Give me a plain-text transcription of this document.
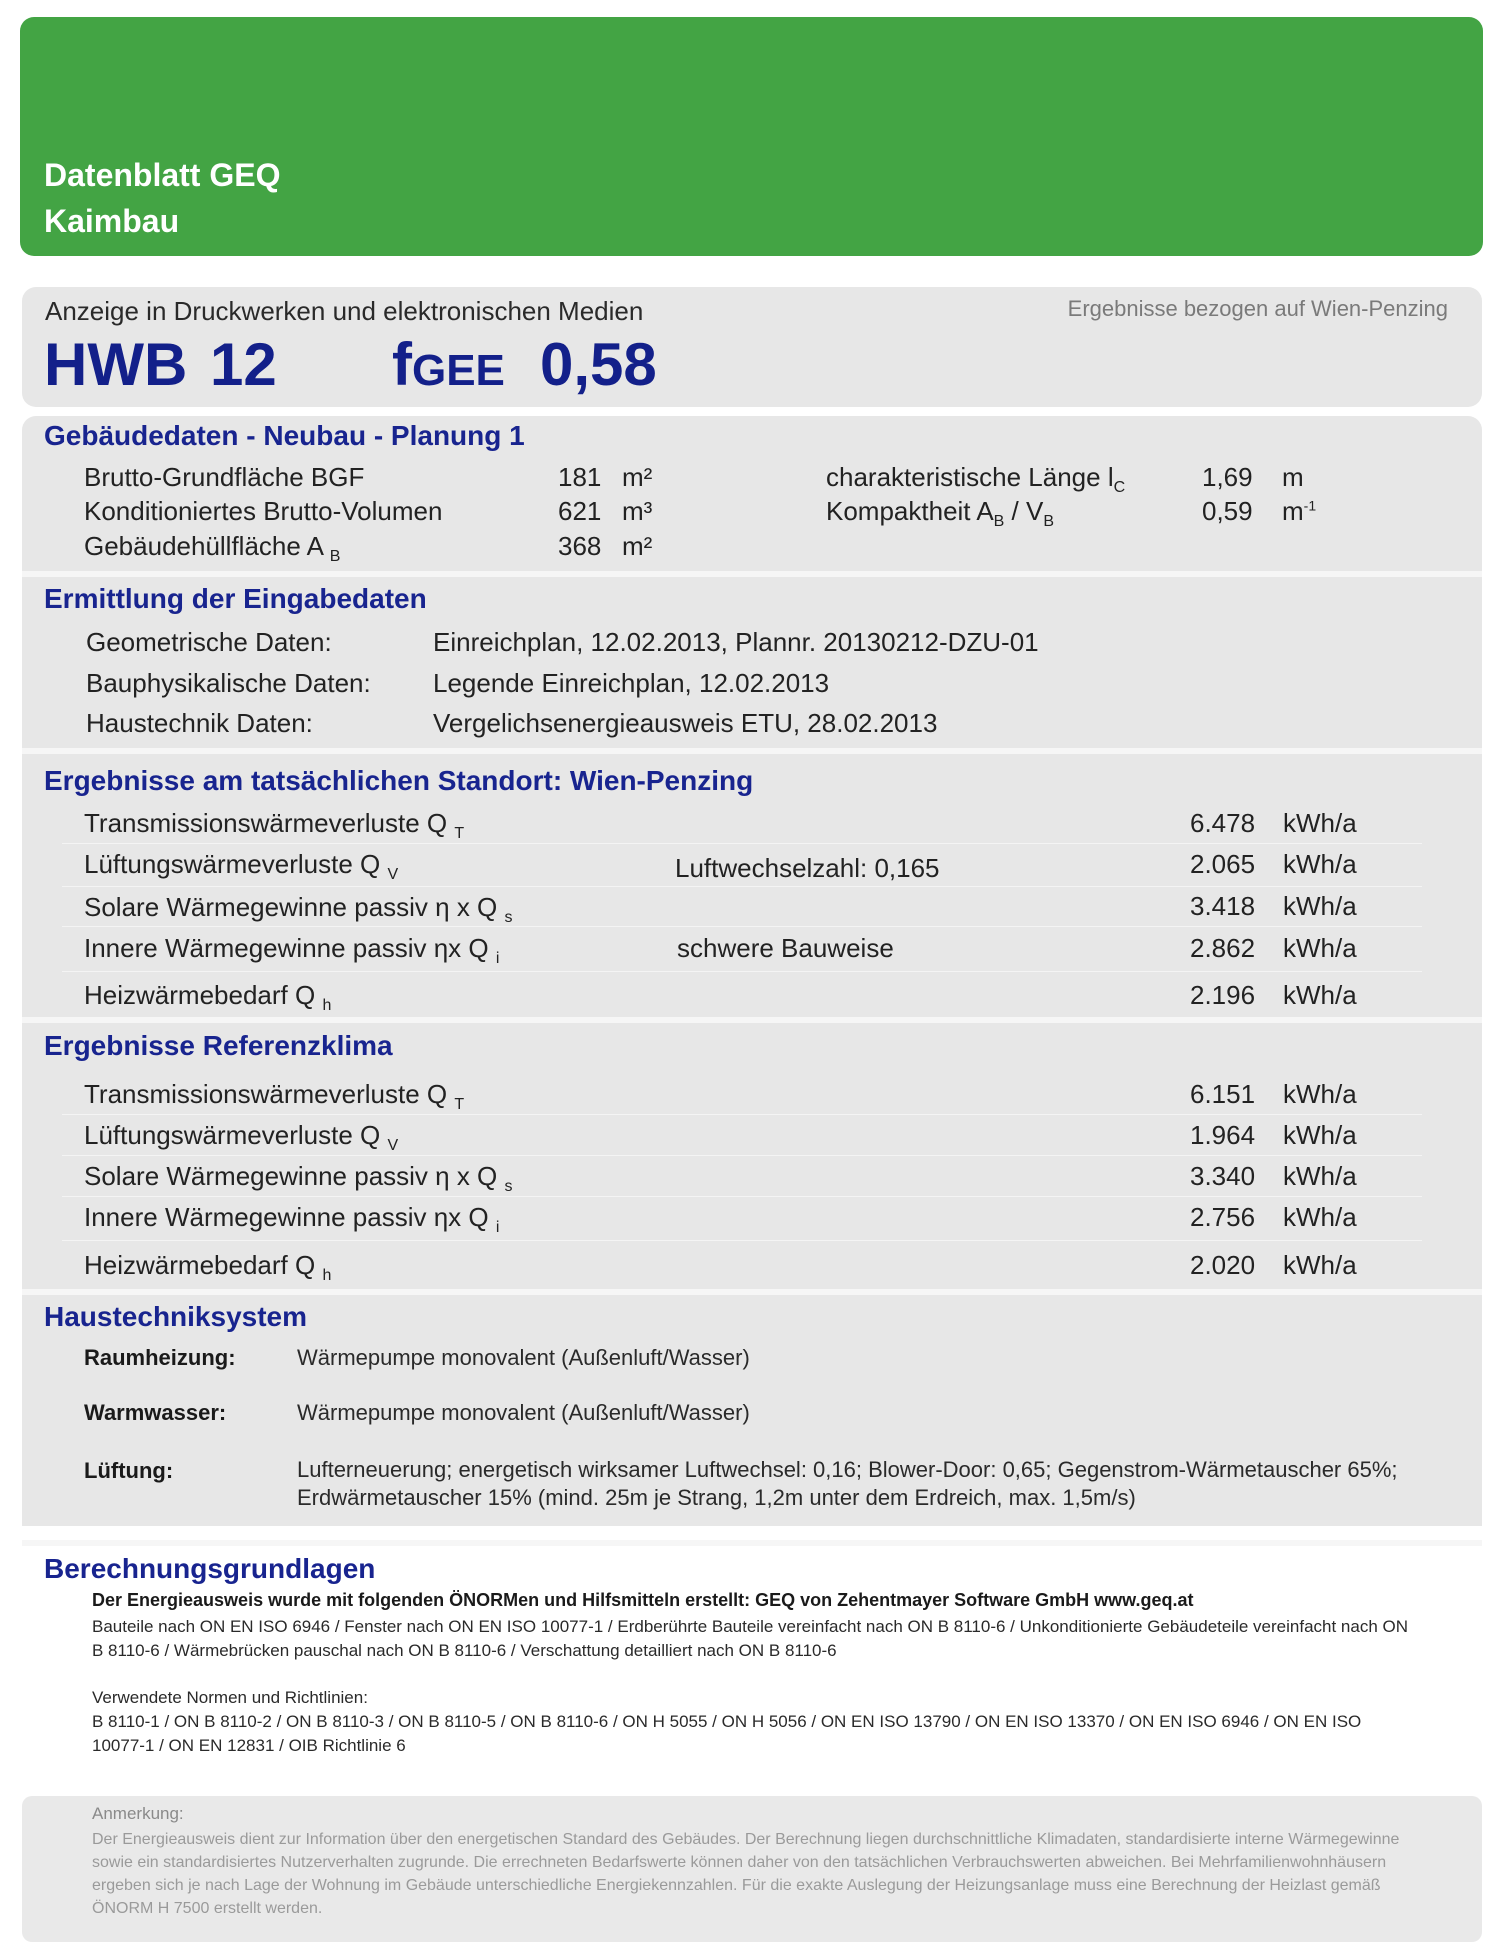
Datenblatt GEQ
Kaimbau
Anzeige in Druckwerken und elektronischen Medien	Ergebnisse bezogen auf Wien-Penzing
HWB 12 fGEE 0,58
Gebäudedaten - Neubau - Planung 1
Brutto-Grundfläche BGF	181 m²
Konditioniertes Brutto-Volumen	621 m³
Gebäudehüllfläche A $_B$	368 m²
charakteristische Länge $l_C$	1,69 m
Kompaktheit $A_B / V_B$	0,59 $m^{-1}$
Ermittlung der Eingabedaten
Geometrische Daten:	Einreichplan, 12.02.2013, Plannr. 20130212-DZU-01
Bauphysikalische Daten: Legende Einreichplan, 12.02.2013
Haustechnik Daten:	Vergelichsenergieausweis ETU, 28.02.2013
Ergebnisse am tatsächlichen Standort: Wien-Penzing
Transmissionswärmeverluste Q $_T$	6.478 kWh/a
Lüftungswärmeverluste Q $_V$	Luftwechselzahl: 0,165	2.065 kWh/a
Solare Wärmegewinne passiv η x Q $_s$	3.418 kWh/a
Innere Wärmegewinne passiv ηx Q $_i$	schwere Bauweise	2.862 kWh/a
Heizwärmebedarf Q $_h$	2.196 kWh/a
Ergebnisse Referenzklima
Transmissionswärmeverluste Q $_T$	6.151 kWh/a
Lüftungswärmeverluste Q $_V$	1.964 kWh/a
Solare Wärmegewinne passiv η x Q $_s$	3.340 kWh/a
Innere Wärmegewinne passiv ηx Q $_i$	2.756 kWh/a
Heizwärmebedarf Q $_h$	2.020 kWh/a
Haustechniksystem
Raumheizung:	Wärmepumpe monovalent (Außenluft/Wasser)
Warmwasser:	Wärmepumpe monovalent (Außenluft/Wasser)
Lüftung:	Lufterneuerung; energetisch wirksamer Luftwechsel: 0,16; Blower-Door: 0,65; Gegenstrom-Wärmetauscher 65%; Erdwärmetauscher 15% (mind. 25m je Strang, 1,2m unter dem Erdreich, max. 1,5m/s)
Berechnungsgrundlagen
Der Energieausweis wurde mit folgenden ÖNORMen und Hilfsmitteln erstellt: GEQ von Zehentmayer Software GmbH www.geq.at
Bauteile nach ON EN ISO 6946 / Fenster nach ON EN ISO 10077-1 / Erdberührte Bauteile vereinfacht nach ON B 8110-6 / Unkonditionierte Gebäudeteile vereinfacht nach ON B 8110-6 / Wärmebrücken pauschal nach ON B 8110-6 / Verschattung detailliert nach ON B 8110-6
Verwendete Normen und Richtlinien:
B 8110-1 / ON B 8110-2 / ON B 8110-3 / ON B 8110-5 / ON B 8110-6 / ON H 5055 / ON H 5056 / ON EN ISO 13790 / ON EN ISO 13370 / ON EN ISO 6946 / ON EN ISO 10077-1 / ON EN 12831 / OIB Richtlinie 6
Anmerkung:
Der Energieausweis dient zur Information über den energetischen Standard des Gebäudes. Der Berechnung liegen durchschnittliche Klimadaten, standardisierte interne Wärmegewinne sowie ein standardisiertes Nutzerverhalten zugrunde. Die errechneten Bedarfswerte können daher von den tatsächlichen Verbrauchswerten abweichen. Bei Mehrfamilienwohnhäusern ergeben sich je nach Lage der Wohnung im Gebäude unterschiedliche Energiekennzahlen. Für die exakte Auslegung der Heizungsanlage muss eine Berechnung der Heizlast gemäß ÖNORM H 7500 erstellt werden.
